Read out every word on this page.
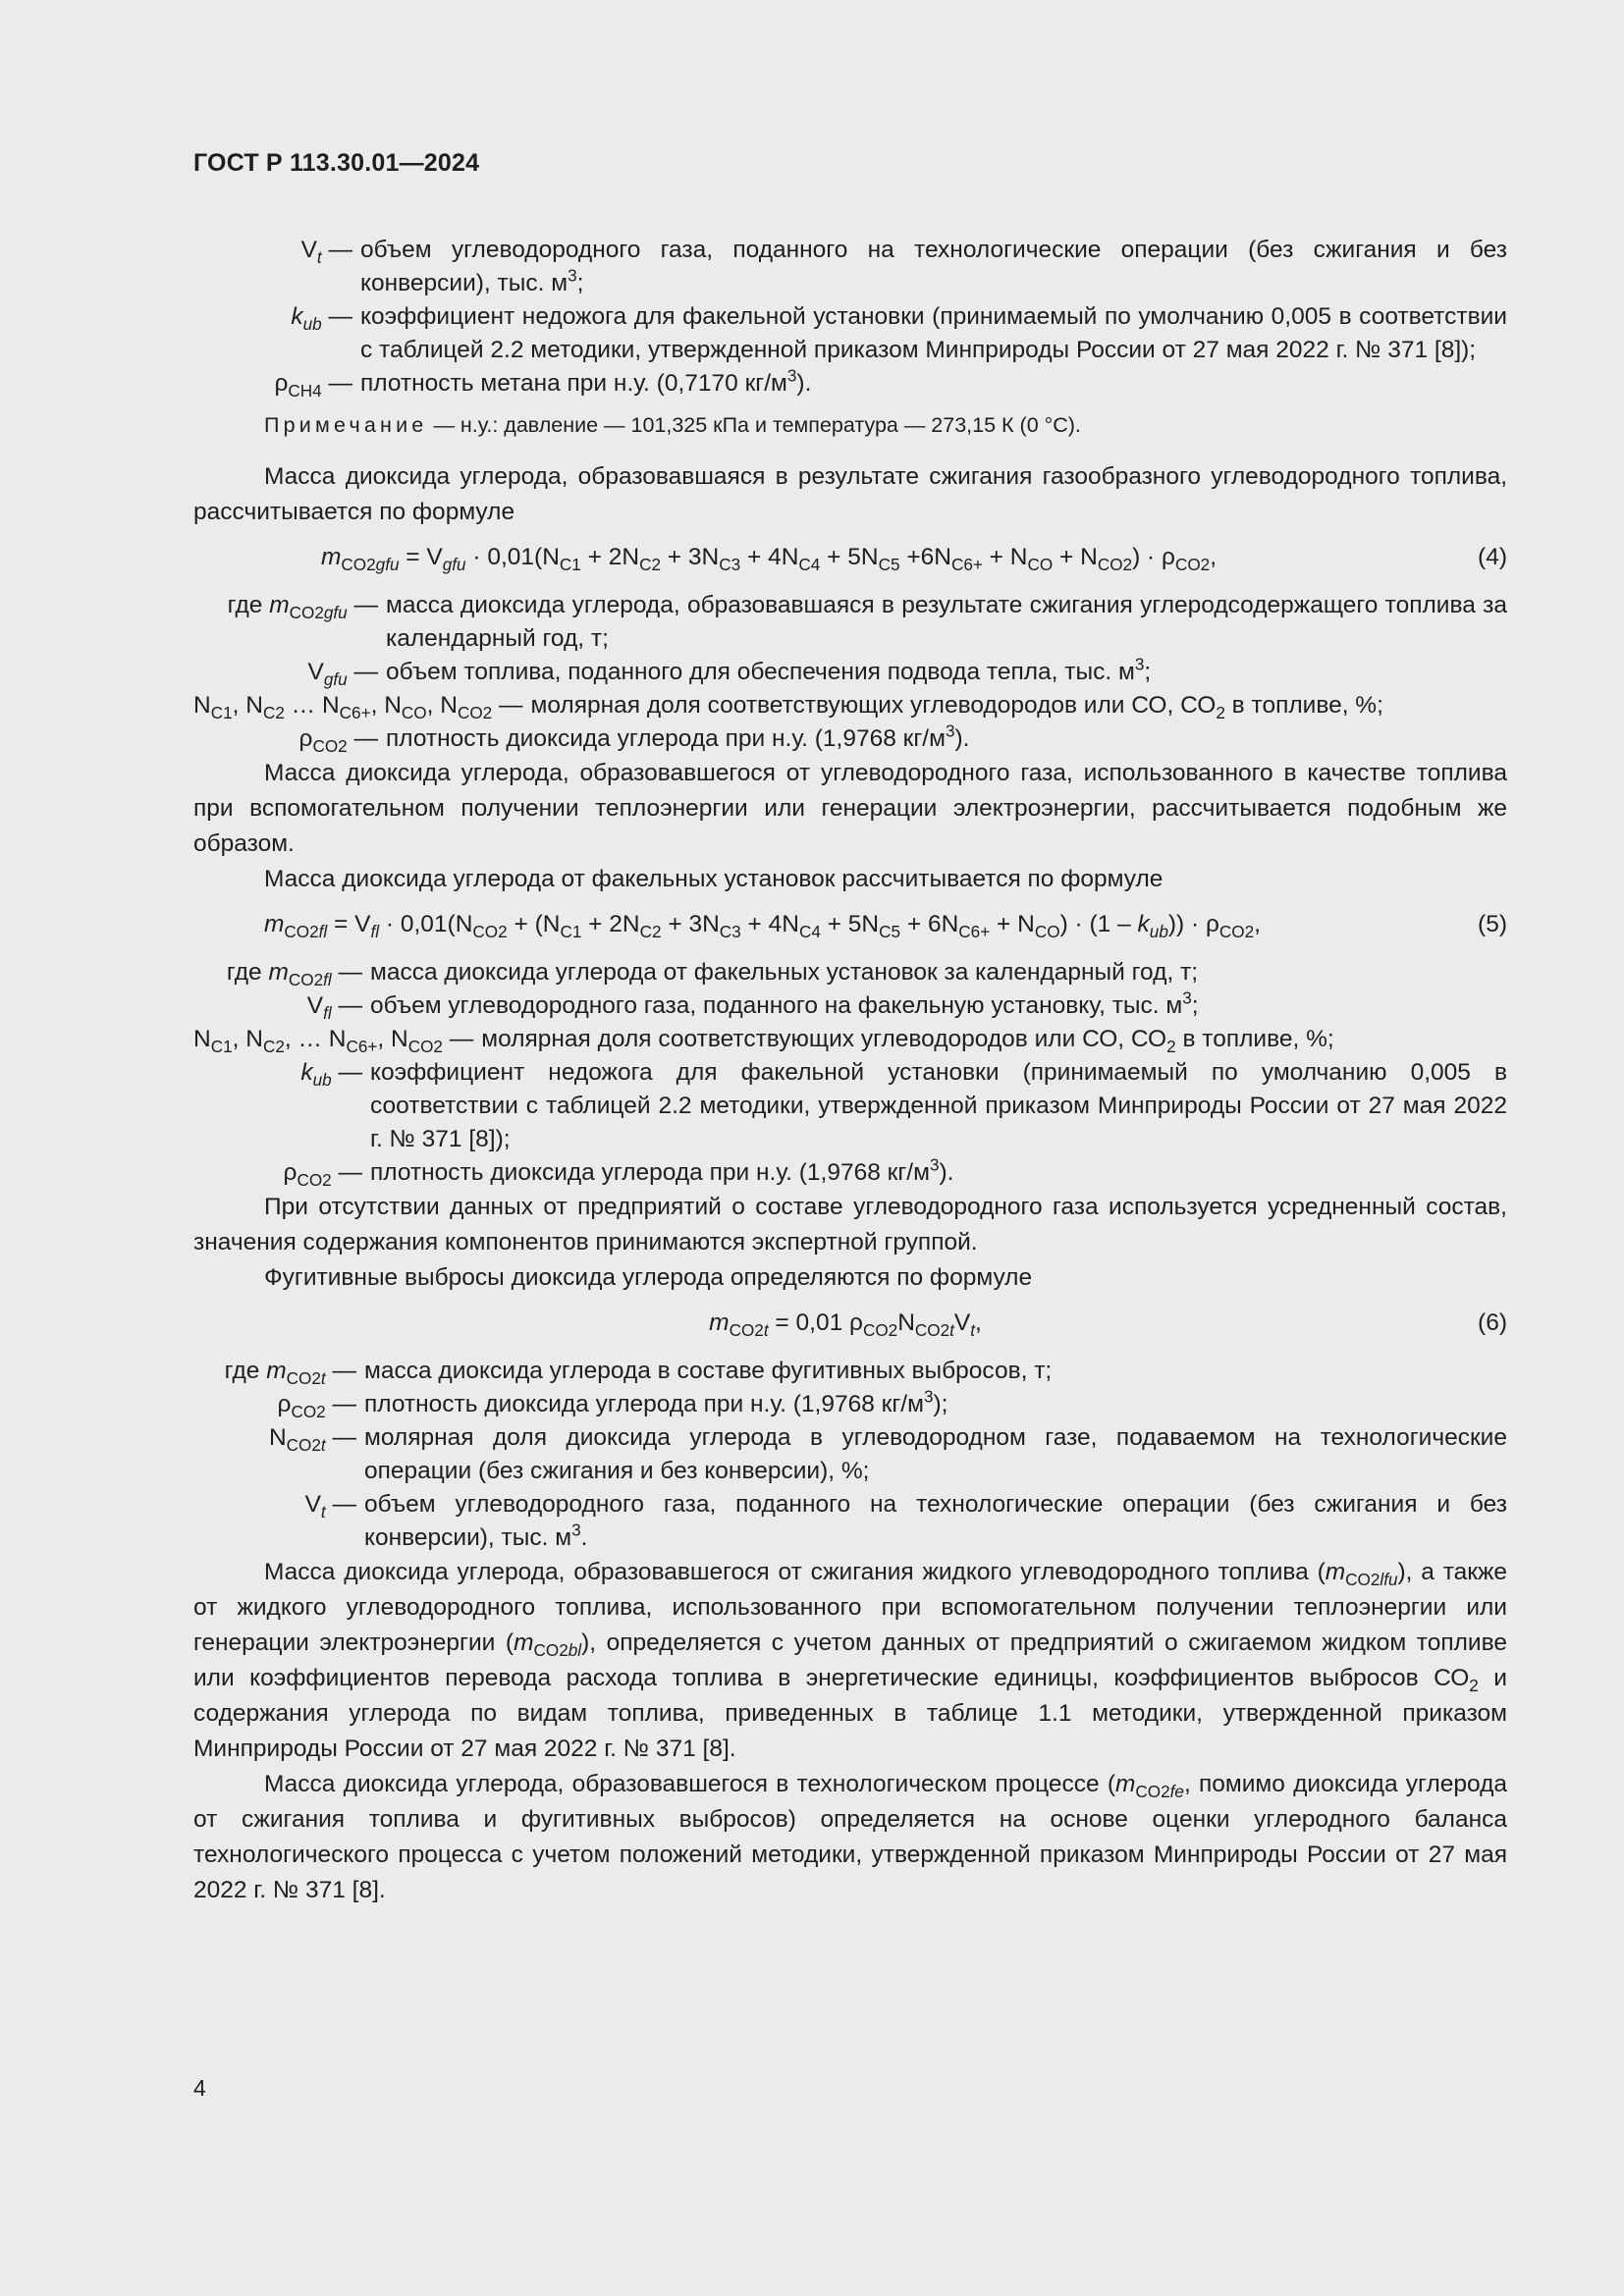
ГОСТ Р 113.30.01—2024
$V_t$ — объем углеводородного газа, поданного на технологические операции (без сжигания и без конверсии), тыс. $м^3$;
$k_{ub}$ — коэффициент недожога для факельной установки (принимаемый по умолчанию 0,005 в соответствии с таблицей 2.2 методики, утвержденной приказом Минприроды России от 27 мая 2022 г. № 371 [8]);
$\rho_{CH4}$ — плотность метана при н.у. (0,7170 $кг/м^3$).
Примечание — н.у.: давление — 101,325 кПа и температура — 273,15 К (0 °С).

Масса диоксида углерода, образовавшаяся в результате сжигания газообразного углеводородного топлива, рассчитывается по формуле

$m_{CO2gfu} = V_{gfu} \cdot 0,01(N_{C1} + 2N_{C2} + 3N_{C3} + 4N_{C4} + 5N_{C5} +6N_{C6+} + N_{CO} + N_{CO2}) \cdot \rho_{CO2}$,	(4)
где $m_{CO2gfu}$ — масса диоксида углерода, образовавшаяся в результате сжигания углеродсодержащего топлива за календарный год, т;
$V_{gfu}$ — объем топлива, поданного для обеспечения подвода тепла, тыс. $м^3$;
$N_{C1}$, $N_{C2}$ … $N_{C6+}$, $N_{CO}$, $N_{CO2}$ — молярная доля соответствующих углеводородов или СО, $СО_2$ в топливе, %;
$\rho_{CO2}$ — плотность диоксида углерода при н.у. (1,9768 $кг/м^3$).

Масса диоксида углерода, образовавшегося от углеводородного газа, использованного в качестве топлива при вспомогательном получении теплоэнергии или генерации электроэнергии, рассчитывается подобным же образом.

Масса диоксида углерода от факельных установок рассчитывается по формуле

$m_{CO2fl} = V_{fl} \cdot 0,01(N_{CO2} + (N_{C1} + 2N_{C2} + 3N_{C3} + 4N_{C4} + 5N_{C5} + 6N_{C6+} + N_{CO}) \cdot (1 - k_{ub})) \cdot \rho_{CO2}$,	(5)
где $m_{CO2fl}$ — масса диоксида углерода от факельных установок за календарный год, т;
$V_{fl}$ — объем углеводородного газа, поданного на факельную установку, тыс. $м^3$;
$N_{C1}$, $N_{C2}$, … $N_{C6+}$, $N_{CO2}$ — молярная доля соответствующих углеводородов или СО, $СО_2$ в топливе, %;
$k_{ub}$ — коэффициент недожога для факельной установки (принимаемый по умолчанию 0,005 в соответствии с таблицей 2.2 методики, утвержденной приказом Минприроды России от 27 мая 2022 г. № 371 [8]);
$\rho_{CO2}$ — плотность диоксида углерода при н.у. (1,9768 $кг/м^3$).

При отсутствии данных от предприятий о составе углеводородного газа используется усредненный состав, значения содержания компонентов принимаются экспертной группой.

Фугитивные выбросы диоксида углерода определяются по формуле

$m_{CO2t} = 0,01$ $\rho_{CO2}N_{CO2t}V_t$,	(6)
где $m_{CO2t}$ — масса диоксида углерода в составе фугитивных выбросов, т;
$\rho_{CO2}$ — плотность диоксида углерода при н.у. (1,9768 $кг/м^3$);
$N_{CO2t}$ — молярная доля диоксида углерода в углеводородном газе, подаваемом на технологические операции (без сжигания и без конверсии), %;
$V_t$ — объем углеводородного газа, поданного на технологические операции (без сжигания и без конверсии), тыс. $м^3$.

Масса диоксида углерода, образовавшегося от сжигания жидкого углеводородного топлива $(m_{CO2lfu})$, а также от жидкого углеводородного топлива, использованного при вспомогательном получении теплоэнергии или генерации электроэнергии $(m_{CO2bl})$, определяется с учетом данных от предприятий о сжигаемом жидком топливе или коэффициентов перевода расхода топлива в энергетические единицы, коэффициентов выбросов $СО_2$ и содержания углерода по видам топлива, приведенных в таблице 1.1 методики, утвержденной приказом Минприроды России от 27 мая 2022 г. № 371 [8].

Масса диоксида углерода, образовавшегося в технологическом процессе ($m_{CO2fe}$, помимо диоксида углерода от сжигания топлива и фугитивных выбросов) определяется на основе оценки углеродного баланса технологического процесса с учетом положений методики, утвержденной приказом Минприроды России от 27 мая 2022 г. № 371 [8].

4
